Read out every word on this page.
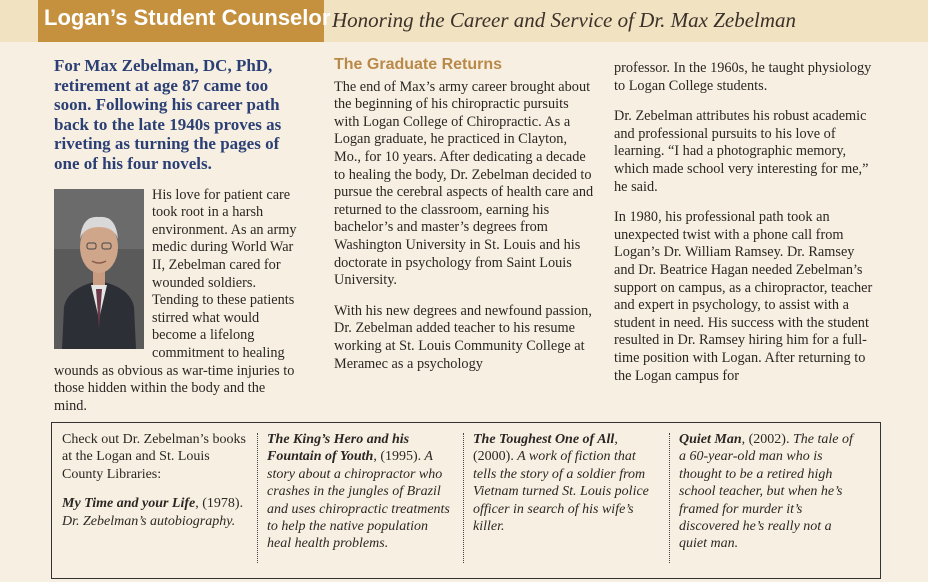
Logan’s Student Counselor Honoring the Career and Service of Dr. Max Zebelman

For Max Zebelman, DC, PhD, retirement at age 87 came too soon. Following his career path back to the late 1940s proves as riveting as turning the pages of one of his four novels.

His love for patient care took root in a harsh environment. As an army medic during World War II, Zebelman cared for wounded soldiers. Tending to these patients stirred what would become a lifelong commitment to healing wounds as obvious as war-time injuries to those hidden within the body and the mind.

The Graduate Returns

The end of Max’s army career brought about the beginning of his chiropractic pursuits with Logan College of Chiropractic. As a Logan graduate, he practiced in Clayton, Mo., for 10 years. After dedicating a decade to healing the body, Dr. Zebelman decided to pursue the cerebral aspects of health care and returned to the classroom, earning his bachelor’s and master’s degrees from Washington University in St. Louis and his doctorate in psychology from Saint Louis University.

With his new degrees and newfound passion, Dr. Zebelman added teacher to his resume working at St. Louis Community College at Meramec as a psychology

professor. In the 1960s, he taught physiology to Logan College students.

Dr. Zebelman attributes his robust academic and professional pursuits to his love of learning. “I had a photographic memory, which made school very interesting for me,” he said.

In 1980, his professional path took an unexpected twist with a phone call from Logan’s Dr. William Ramsey. Dr. Ramsey and Dr. Beatrice Hagan needed Zebelman’s support on campus, as a chiropractor, teacher and expert in psychology, to assist with a student in need. His success with the student resulted in Dr. Ramsey hiring him for a full-time position with Logan. After returning to the Logan campus for

Check out Dr. Zebelman’s books at the Logan and St. Louis County Libraries:

My Time and your Life, (1978). Dr. Zebelman’s autobiography.

The King’s Hero and his Fountain of Youth, (1995). A story about a chiropractor who crashes in the jungles of Brazil and uses chiropractic treatments to help the native population heal health problems.
The Toughest One of All, (2000). A work of fiction that tells the story of a soldier from Vietnam turned St. Louis police officer in search of his wife’s killer.
Quiet Man, (2002). The tale of a 60-year-old man who is thought to be a retired high school teacher, but when he’s framed for murder it’s discovered he’s really not a quiet man.
